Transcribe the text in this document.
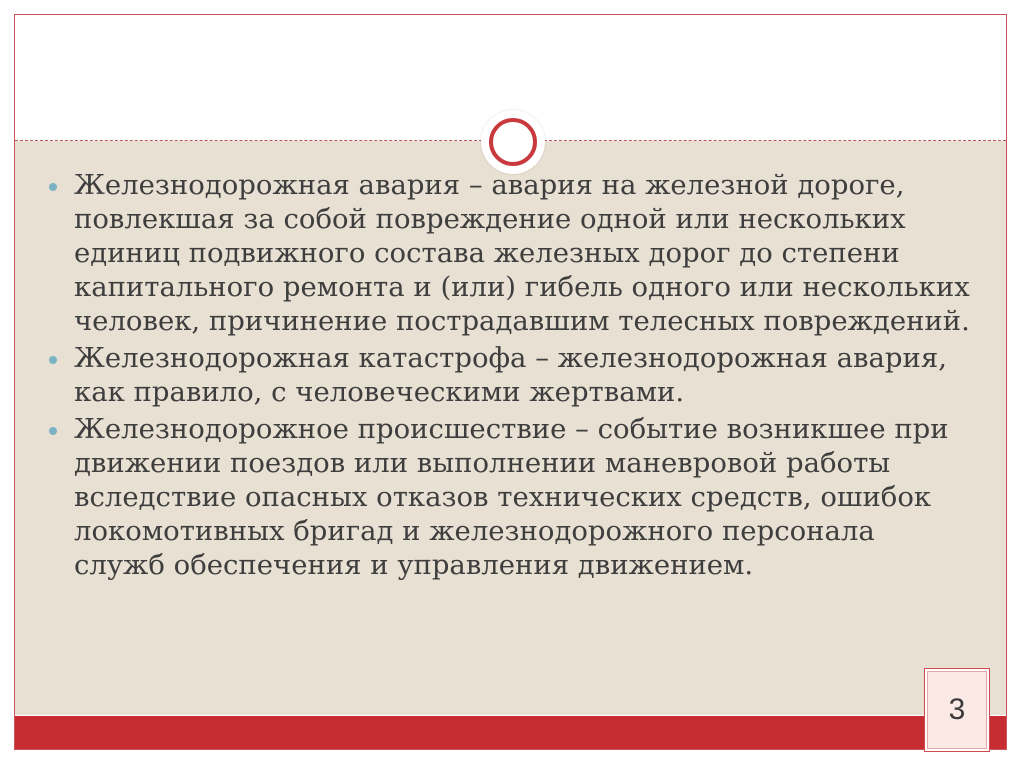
Железнодорожная авария – авария на железной дороге, повлекшая за собой повреждение одной или нескольких единиц подвижного состава железных дорог до степени капитального ремонта и (или) гибель одного или нескольких человек, причинение пострадавшим телесных повреждений.
Железнодорожная катастрофа – железнодорожная авария, как правило, с человеческими жертвами.
Железнодорожное происшествие – событие возникшее при движении поездов или выполнении маневровой работы вследствие опасных отказов технических средств, ошибок локомотивных бригад и железнодорожного персонала служб обеспечения и управления движением.
3
